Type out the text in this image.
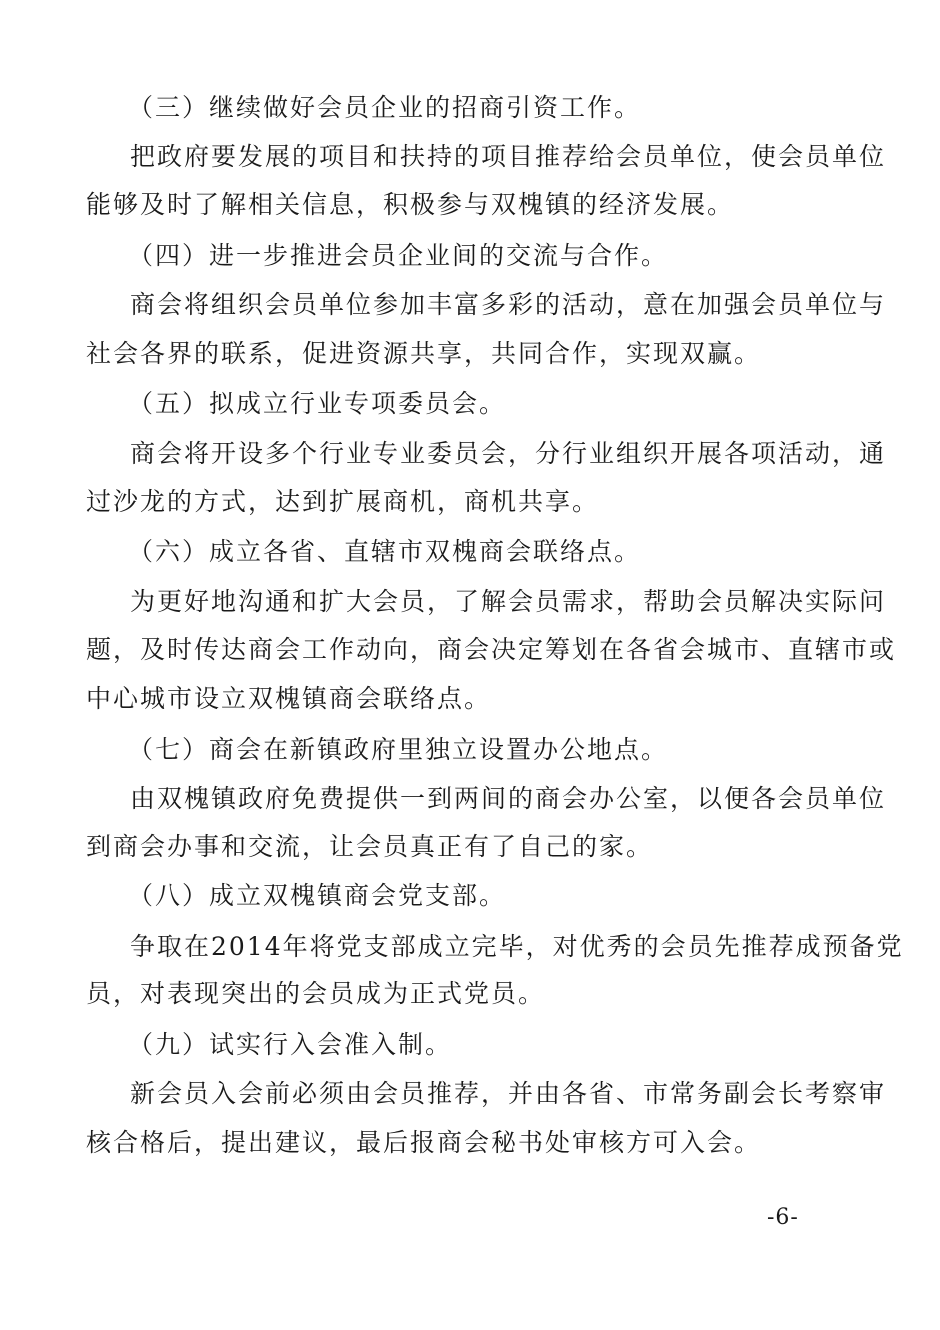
（三）继续做好会员企业的招商引资工作。
把政府要发展的项目和扶持的项目推荐给会员单位，使会员单位
能够及时了解相关信息，积极参与双槐镇的经济发展。
（四）进一步推进会员企业间的交流与合作。
商会将组织会员单位参加丰富多彩的活动，意在加强会员单位与
社会各界的联系，促进资源共享，共同合作，实现双赢。
（五）拟成立行业专项委员会。
商会将开设多个行业专业委员会，分行业组织开展各项活动，通
过沙龙的方式，达到扩展商机，商机共享。
（六）成立各省、直辖市双槐商会联络点。
为更好地沟通和扩大会员，了解会员需求，帮助会员解决实际问
题，及时传达商会工作动向，商会决定筹划在各省会城市、直辖市或
中心城市设立双槐镇商会联络点。
（七）商会在新镇政府里独立设置办公地点。
由双槐镇政府免费提供一到两间的商会办公室，以便各会员单位
到商会办事和交流，让会员真正有了自己的家。
（八）成立双槐镇商会党支部。
争取在2014年将党支部成立完毕，对优秀的会员先推荐成预备党
员，对表现突出的会员成为正式党员。
（九）试实行入会准入制。
新会员入会前必须由会员推荐，并由各省、市常务副会长考察审
核合格后，提出建议，最后报商会秘书处审核方可入会。
-6-
